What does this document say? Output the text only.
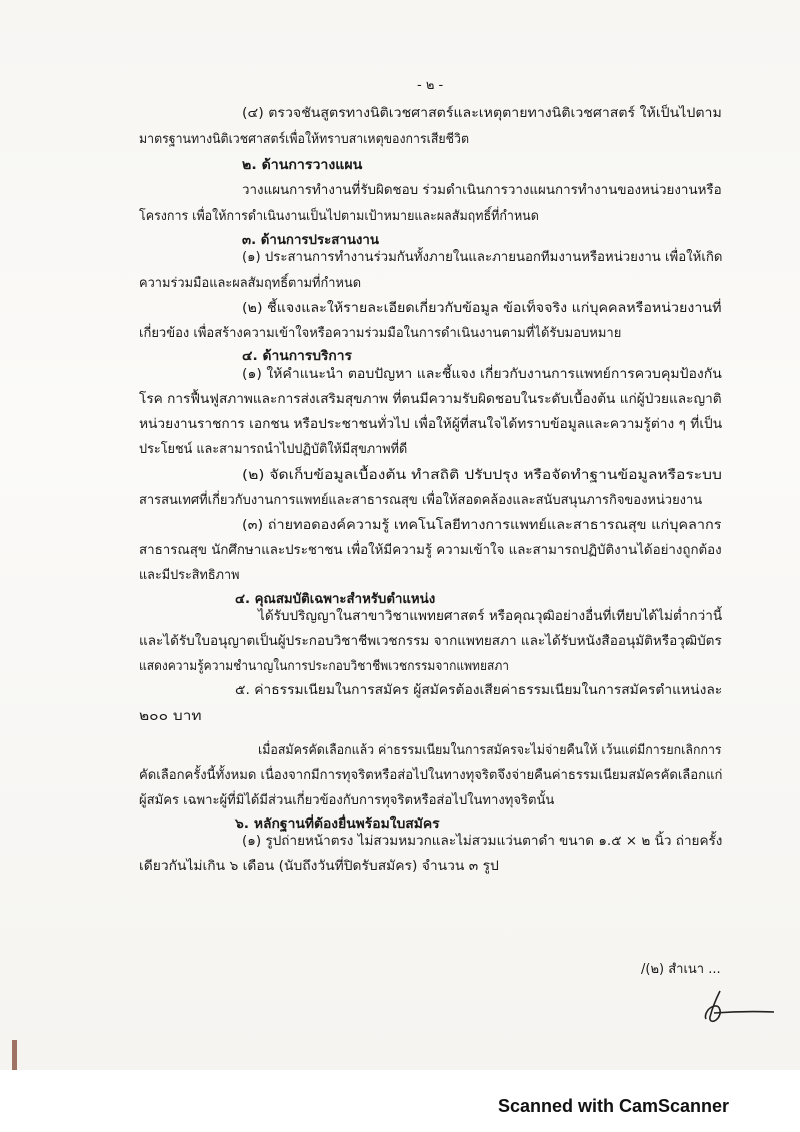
- ๒ -
(๔) ตรวจชันสูตรทางนิติเวชศาสตร์และเหตุตายทางนิติเวชศาสตร์ ให้เป็นไปตาม
มาตรฐานทางนิติเวชศาสตร์เพื่อให้ทราบสาเหตุของการเสียชีวิต
๒. ด้านการวางแผน
วางแผนการทำงานที่รับผิดชอบ ร่วมดำเนินการวางแผนการทำงานของหน่วยงานหรือ
โครงการ เพื่อให้การดำเนินงานเป็นไปตามเป้าหมายและผลสัมฤทธิ์ที่กำหนด
๓. ด้านการประสานงาน
(๑) ประสานการทำงานร่วมกันทั้งภายในและภายนอกทีมงานหรือหน่วยงาน เพื่อให้เกิด
ความร่วมมือและผลสัมฤทธิ์ตามที่กำหนด
(๒) ชี้แจงและให้รายละเอียดเกี่ยวกับข้อมูล ข้อเท็จจริง แก่บุคคลหรือหน่วยงานที่
เกี่ยวข้อง เพื่อสร้างความเข้าใจหรือความร่วมมือในการดำเนินงานตามที่ได้รับมอบหมาย
๔. ด้านการบริการ
(๑) ให้คำแนะนำ ตอบปัญหา และชี้แจง เกี่ยวกับงานการแพทย์การควบคุมป้องกัน
โรค การฟื้นฟูสภาพและการส่งเสริมสุขภาพ ที่ตนมีความรับผิดชอบในระดับเบื้องต้น แก่ผู้ป่วยและญาติ
หน่วยงานราชการ เอกชน หรือประชาชนทั่วไป เพื่อให้ผู้ที่สนใจได้ทราบข้อมูลและความรู้ต่าง ๆ ที่เป็น
ประโยชน์ และสามารถนำไปปฏิบัติให้มีสุขภาพที่ดี
(๒) จัดเก็บข้อมูลเบื้องต้น ทำสถิติ ปรับปรุง หรือจัดทำฐานข้อมูลหรือระบบ
สารสนเทศที่เกี่ยวกับงานการแพทย์และสาธารณสุข เพื่อให้สอดคล้องและสนับสนุนภารกิจของหน่วยงาน
(๓) ถ่ายทอดองค์ความรู้ เทคโนโลยีทางการแพทย์และสาธารณสุข แก่บุคลากร
สาธารณสุข นักศึกษาและประชาชน เพื่อให้มีความรู้ ความเข้าใจ และสามารถปฏิบัติงานได้อย่างถูกต้อง
และมีประสิทธิภาพ
๔. คุณสมบัติเฉพาะสำหรับตำแหน่ง
ได้รับปริญญาในสาขาวิชาแพทยศาสตร์ หรือคุณวุฒิอย่างอื่นที่เทียบได้ไม่ต่ำกว่านี้
และได้รับใบอนุญาตเป็นผู้ประกอบวิชาชีพเวชกรรม จากแพทยสภา และได้รับหนังสืออนุมัติหรือวุฒิบัตร
แสดงความรู้ความชำนาญในการประกอบวิชาชีพเวชกรรมจากแพทยสภา
๕. ค่าธรรมเนียมในการสมัคร ผู้สมัครต้องเสียค่าธรรมเนียมในการสมัครตำแหน่งละ
๒๐๐ บาท
เมื่อสมัครคัดเลือกแล้ว ค่าธรรมเนียมในการสมัครจะไม่จ่ายคืนให้ เว้นแต่มีการยกเลิกการ
คัดเลือกครั้งนี้ทั้งหมด เนื่องจากมีการทุจริตหรือส่อไปในทางทุจริตจึงจ่ายคืนค่าธรรมเนียมสมัครคัดเลือกแก่
ผู้สมัคร เฉพาะผู้ที่มิได้มีส่วนเกี่ยวข้องกับการทุจริตหรือส่อไปในทางทุจริตนั้น
๖. หลักฐานที่ต้องยื่นพร้อมใบสมัคร
(๑) รูปถ่ายหน้าตรง ไม่สวมหมวกและไม่สวมแว่นตาดำ ขนาด ๑.๕ × ๒ นิ้ว ถ่ายครั้ง
เดียวกันไม่เกิน ๖ เดือน (นับถึงวันที่ปิดรับสมัคร) จำนวน ๓ รูป
/(๒) สำเนา ...
Scanned with CamScanner
